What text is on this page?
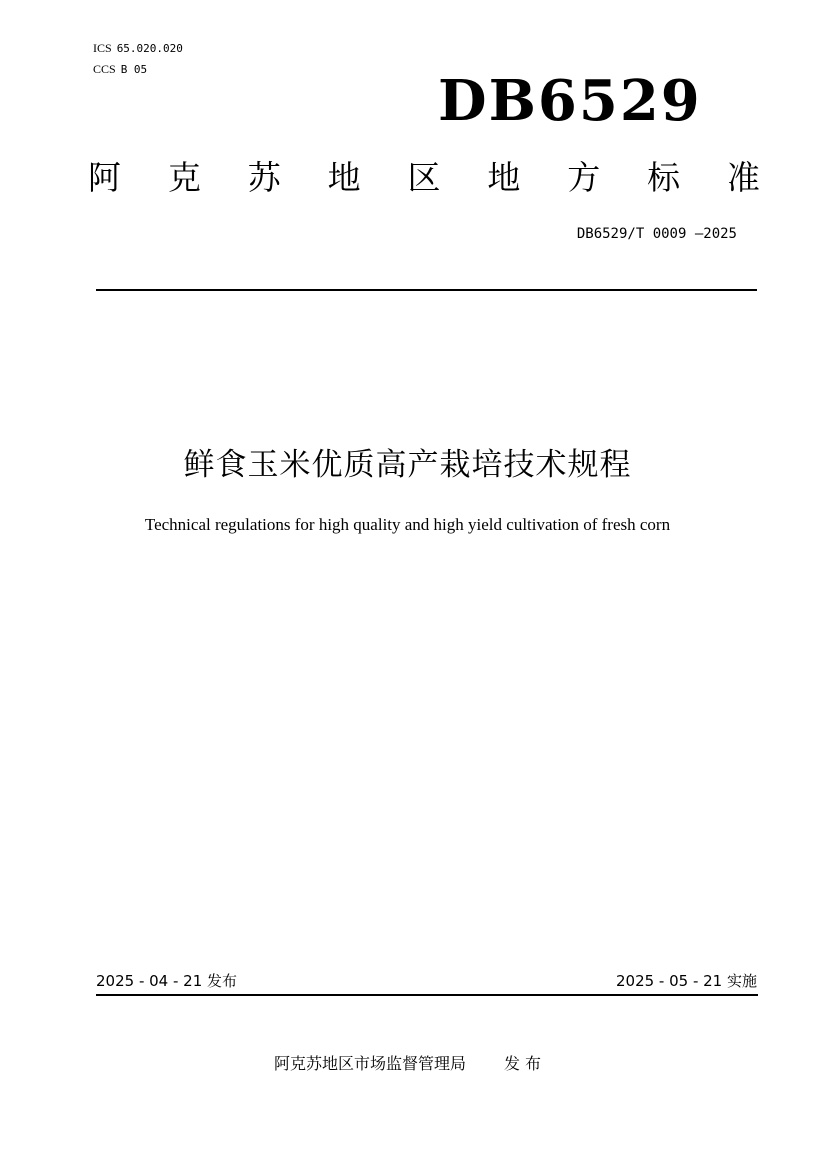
ICS 65.020.020
CCS B 05	DB6529
阿 克 苏 地 区 地 方 标 准
DB6529/T 0009 —2025
鲜食玉米优质高产栽培技术规程
Technical regulations for high quality and high yield cultivation of fresh corn
2025 - 04 - 21 发布	2025 - 05 - 21 实施
阿克苏地区市场监督管理局 发 布
